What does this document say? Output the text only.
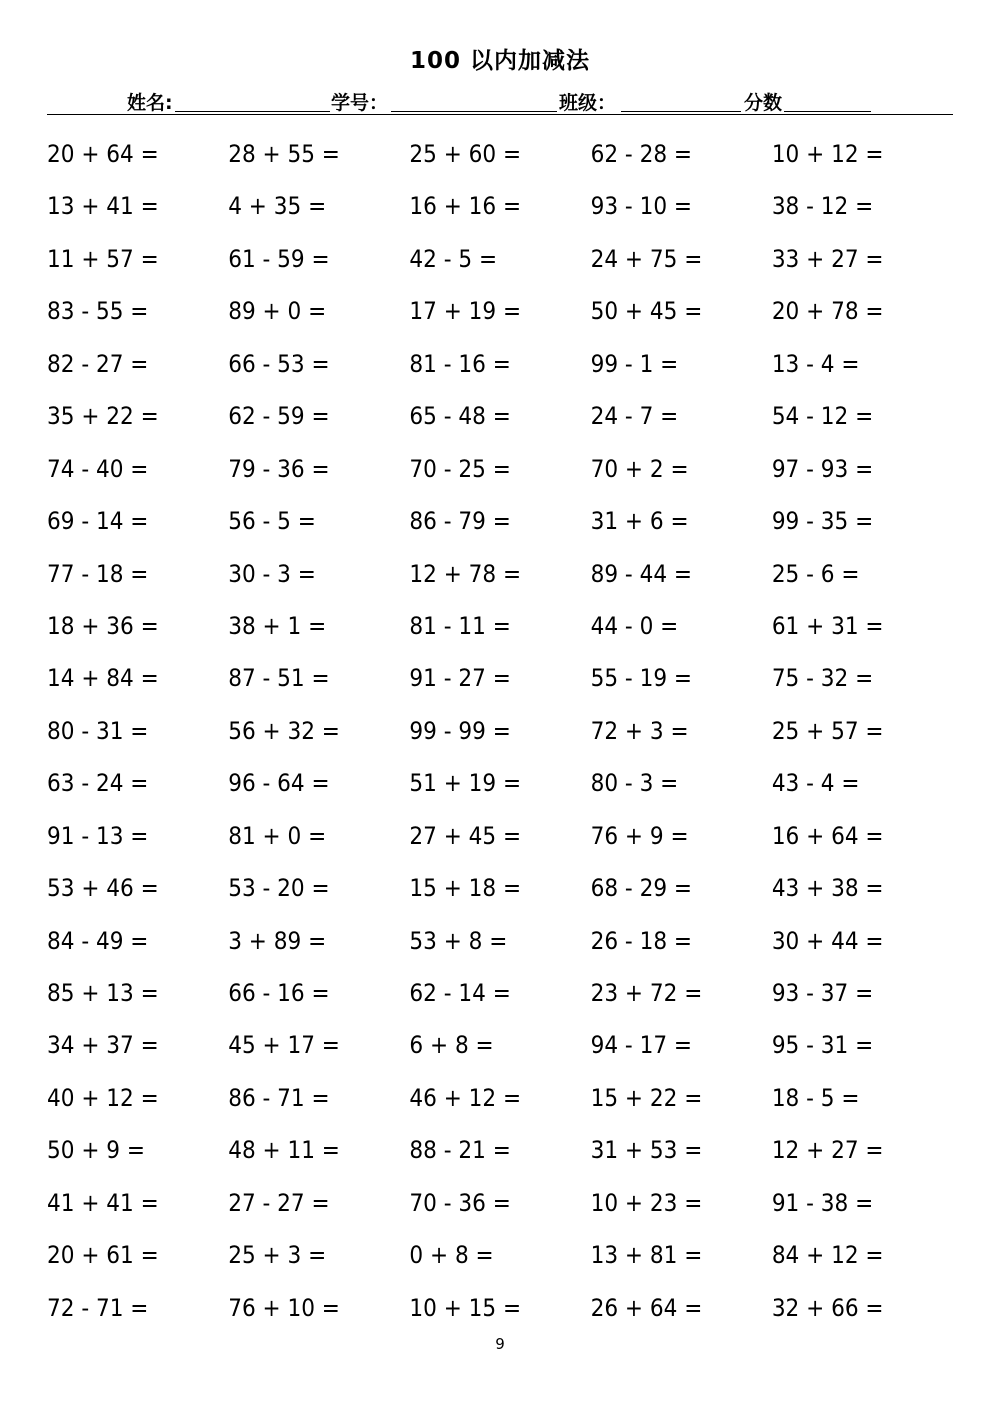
100 以内加减法
姓名:	学号：	班级：	分数
20 + 64 =	28 + 55 =	25 + 60 =	62 - 28 =	10 + 12 =
13 + 41 =	4 + 35 =	16 + 16 =	93 - 10 =	38 - 12 =
11 + 57 =	61 - 59 =	42 - 5 =	24 + 75 =	33 + 27 =
83 - 55 =	89 + 0 =	17 + 19 =	50 + 45 =	20 + 78 =
82 - 27 =	66 - 53 =	81 - 16 =	99 - 1 =	13 - 4 =
35 + 22 =	62 - 59 =	65 - 48 =	24 - 7 =	54 - 12 =
74 - 40 =	79 - 36 =	70 - 25 =	70 + 2 =	97 - 93 =
69 - 14 =	56 - 5 =	86 - 79 =	31 + 6 =	99 - 35 =
77 - 18 =	30 - 3 =	12 + 78 =	89 - 44 =	25 - 6 =
18 + 36 =	38 + 1 =	81 - 11 =	44 - 0 =	61 + 31 =
14 + 84 =	87 - 51 =	91 - 27 =	55 - 19 =	75 - 32 =
80 - 31 =	56 + 32 =	99 - 99 =	72 + 3 =	25 + 57 =
63 - 24 =	96 - 64 =	51 + 19 =	80 - 3 =	43 - 4 =
91 - 13 =	81 + 0 =	27 + 45 =	76 + 9 =	16 + 64 =
53 + 46 =	53 - 20 =	15 + 18 =	68 - 29 =	43 + 38 =
84 - 49 =	3 + 89 =	53 + 8 =	26 - 18 =	30 + 44 =
85 + 13 =	66 - 16 =	62 - 14 =	23 + 72 =	93 - 37 =
34 + 37 =	45 + 17 =	6 + 8 =	94 - 17 =	95 - 31 =
40 + 12 =	86 - 71 =	46 + 12 =	15 + 22 =	18 - 5 =
50 + 9 =	48 + 11 =	88 - 21 =	31 + 53 =	12 + 27 =
41 + 41 =	27 - 27 =	70 - 36 =	10 + 23 =	91 - 38 =
20 + 61 =	25 + 3 =	0 + 8 =	13 + 81 =	84 + 12 =
72 - 71 =	76 + 10 =	10 + 15 =	26 + 64 =	32 + 66 =
9
